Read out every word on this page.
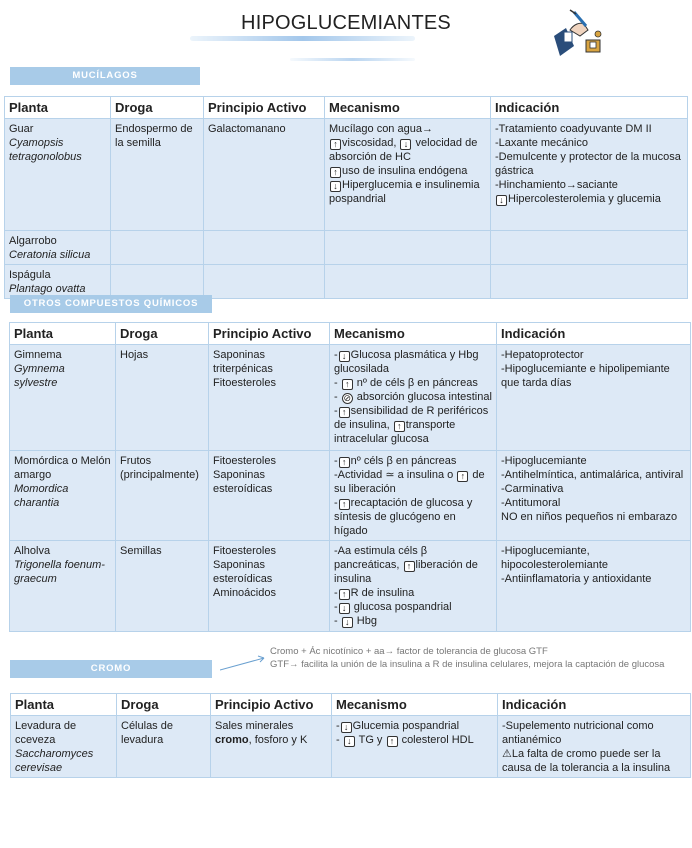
HIPOGLUCEMIANTES
MUCÍLAGOS
Planta	Droga	Principio Activo	Mecanismo	Indicación

Guar
Cyamopsis tetragonolobus	Endospermo de la semilla	Galactomanano	Mucílago con agua→
↑ viscosidad, ↓ velocidad de absorción de HC
↑ uso de insulina endógena
↓ Hiperglucemia e insulinemia pospandrial	-Tratamiento coadyuvante DM II
-Laxante mecánico
-Demulcente y protector de la mucosa gástrica
-Hinchamiento→saciante
↓ Hipercolesterolemia y glucemia

Algarrobo
Ceratonia silicua				

Ispágula
Plantago ovatta				

OTROS COMPUESTOS QUÍMICOS
Planta	Droga	Principio Activo	Mecanismo	Indicación

Gimnema
Gymnema sylvestre	Hojas	Saponinas triterpénicas
Fitoesteroles	- ↓ Glucosa plasmática y Hbg glucosilada
- ↑ nº de céls β en páncreas
- ⊘ absorción glucosa intestinal
- ↑ sensibilidad de R periféricos de insulina, ↑ transporte intracelular glucosa	-Hepatoprotector
-Hipoglucemiante e hipolipemiante que tarda días

Momórdica o Melón amargo
Momordica charantia	Frutos (principalmente)	Fitoesteroles
Saponinas esteroídicas	- ↑ nº céls β en páncreas
-Actividad ≃ a insulina o ↑ de su liberación
- ↑ recaptación de glucosa y síntesis de glucógeno en hígado	-Hipoglucemiante
-Antihelmíntica, antimalárica, antiviral
-Carminativa
-Antitumoral
NO en niños pequeños ni embarazo

Alholva
Trigonella foenum-graecum	Semillas	Fitoesteroles
Saponinas esteroídicas
Aminoácidos	-Aa estimula céls β pancreáticas, ↑ liberación de insulina
- ↑ R de insulina
- ↓ glucosa pospandrial
- ↓ Hbg	-Hipoglucemiante, hipocolesterolemiante
-Antiinflamatoria y antioxidante
CROMO
Cromo + Ác nicotínico + aa→ factor de tolerancia de glucosa GTF
GTF→ facilita la unión de la insulina a R de insulina celulares, mejora la captación de glucosa
Planta	Droga	Principio Activo	Mecanismo	Indicación

Levadura de cceveza
Saccharomyces cerevisae	Células de levadura	Sales minerales
cromo, fosforo y K	- ↓ Glucemia pospandrial
- ↓ TG y ↑ colesterol HDL	-Supelemento nutricional como antianémico
⚠La falta de cromo puede ser la causa de la tolerancia a la insulina
